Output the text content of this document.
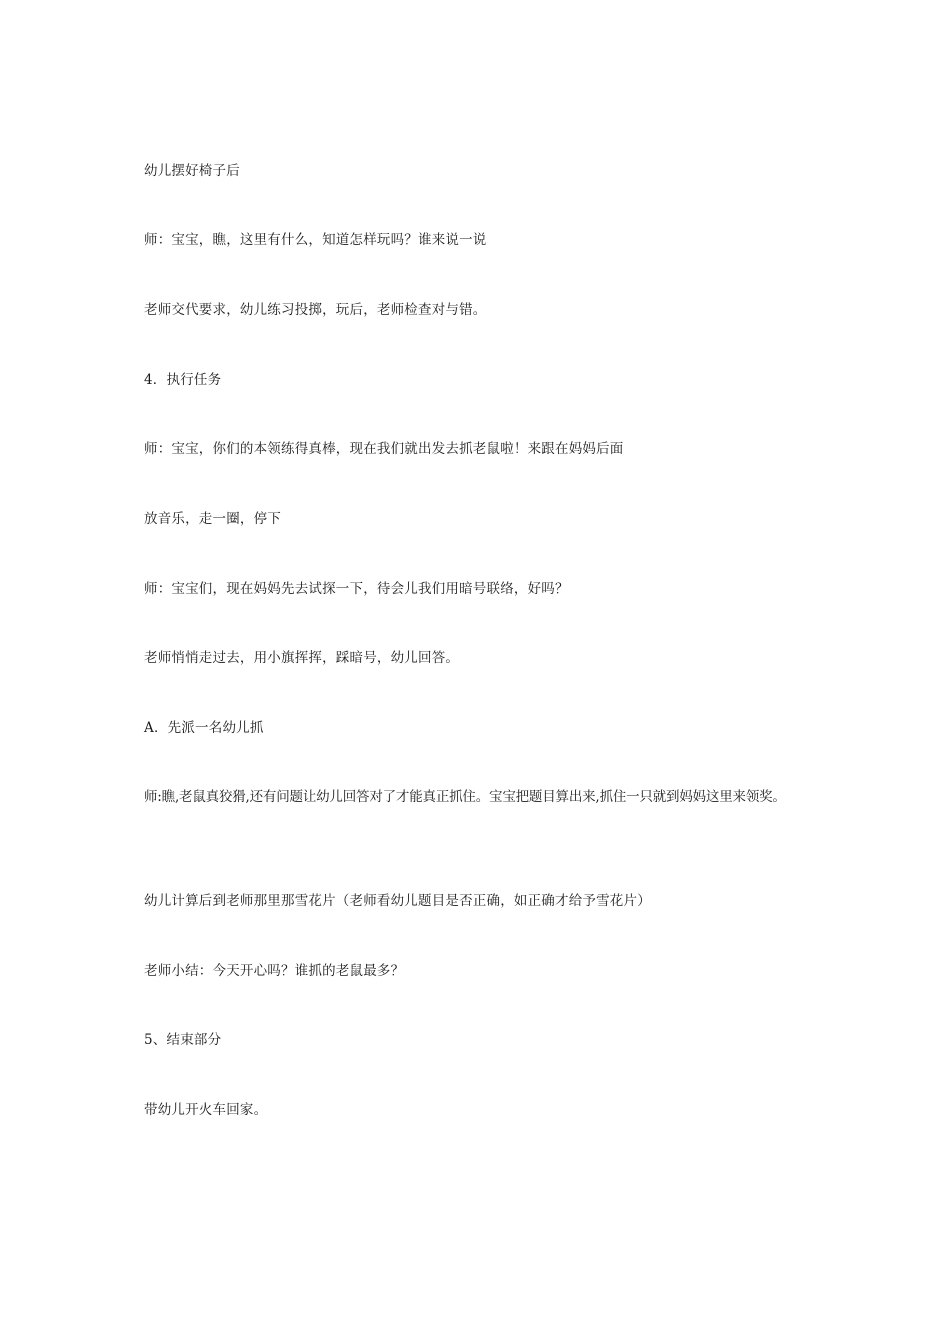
幼儿摆好椅子后

师：宝宝，瞧，这里有什么，知道怎样玩吗？谁来说一说

老师交代要求，幼儿练习投掷，玩后，老师检查对与错。

4．执行任务

师：宝宝，你们的本领练得真棒，现在我们就出发去抓老鼠啦！来跟在妈妈后面

放音乐，走一圈，停下

师：宝宝们，现在妈妈先去试探一下，待会儿我们用暗号联络，好吗？

老师悄悄走过去，用小旗挥挥，踩暗号，幼儿回答。

A．先派一名幼儿抓

师:瞧,老鼠真狡猾,还有问题让幼儿回答对了才能真正抓住。宝宝把题目算出来,抓住一只就到妈妈这里来领奖。

幼儿计算后到老师那里那雪花片（老师看幼儿题目是否正确，如正确才给予雪花片）

老师小结：今天开心吗？谁抓的老鼠最多？

5、结束部分

带幼儿开火车回家。
